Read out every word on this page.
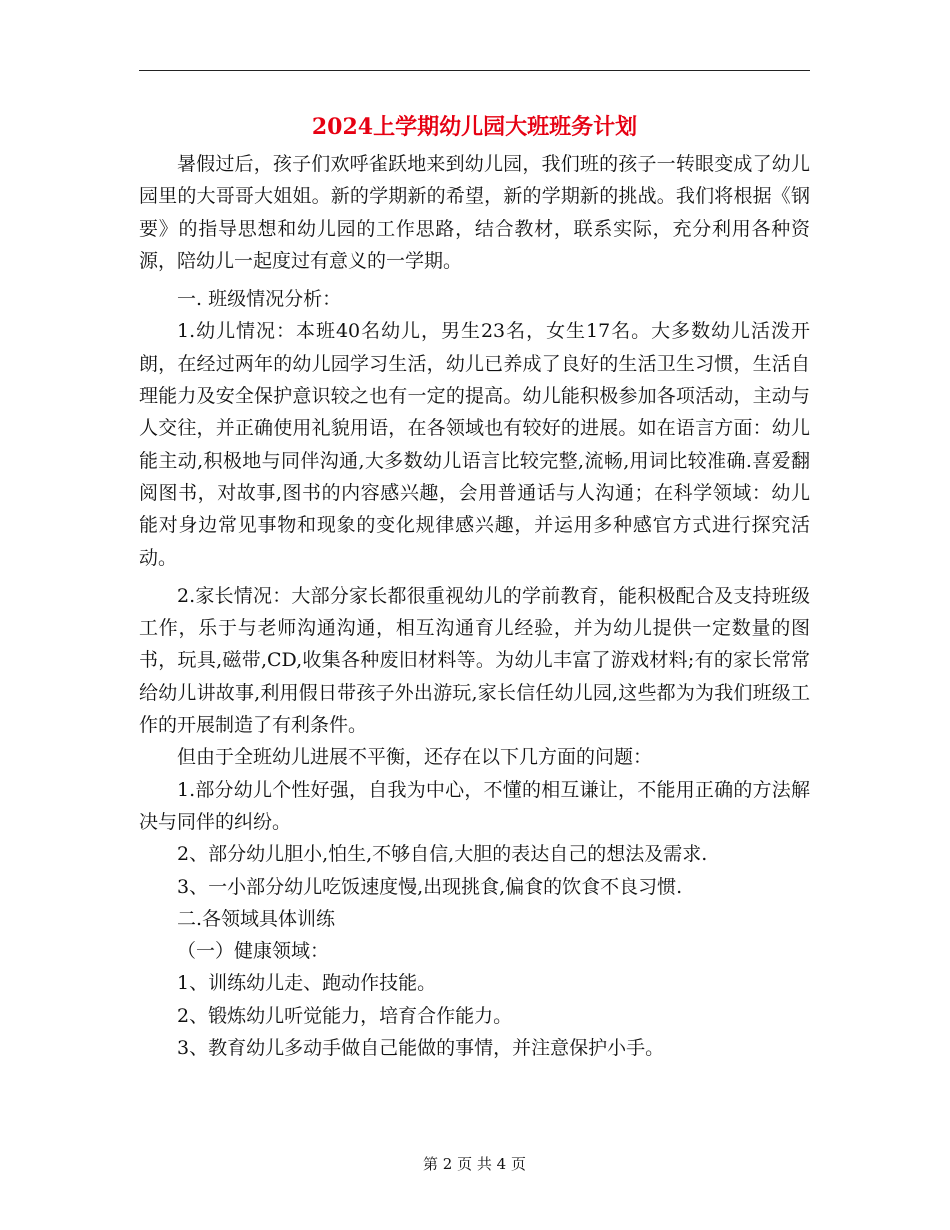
2024上学期幼儿园大班班务计划

暑假过后，孩子们欢呼雀跃地来到幼儿园，我们班的孩子一转眼变成了幼儿园里的大哥哥大姐姐。新的学期新的希望，新的学期新的挑战。我们将根据《钢要》的指导思想和幼儿园的工作思路，结合教材，联系实际，充分利用各种资源，陪幼儿一起度过有意义的一学期。

一. 班级情况分析：

1.幼儿情况：本班40名幼儿，男生23名，女生17名。大多数幼儿活泼开朗，在经过两年的幼儿园学习生活，幼儿已养成了良好的生活卫生习惯，生活自理能力及安全保护意识较之也有一定的提高。幼儿能积极参加各项活动，主动与人交往，并正确使用礼貌用语，在各领域也有较好的进展。如在语言方面：幼儿能主动,积极地与同伴沟通,大多数幼儿语言比较完整,流畅,用词比较准确.喜爱翻阅图书，对故事,图书的内容感兴趣，会用普通话与人沟通；在科学领域：幼儿能对身边常见事物和现象的变化规律感兴趣，并运用多种感官方式进行探究活动。

2.家长情况：大部分家长都很重视幼儿的学前教育，能积极配合及支持班级工作，乐于与老师沟通沟通，相互沟通育儿经验，并为幼儿提供一定数量的图书，玩具,磁带,CD,收集各种废旧材料等。为幼儿丰富了游戏材料;有的家长常常给幼儿讲故事,利用假日带孩子外出游玩,家长信任幼儿园,这些都为为我们班级工作的开展制造了有利条件。

但由于全班幼儿进展不平衡，还存在以下几方面的问题：

1.部分幼儿个性好强，自我为中心，不懂的相互谦让，不能用正确的方法解决与同伴的纠纷。

2、部分幼儿胆小,怕生,不够自信,大胆的表达自己的想法及需求.

3、一小部分幼儿吃饭速度慢,出现挑食,偏食的饮食不良习惯.

二.各领域具体训练

（一）健康领域：

1、训练幼儿走、跑动作技能。

2、锻炼幼儿听觉能力，培育合作能力。

3、教育幼儿多动手做自己能做的事情，并注意保护小手。

第 2 页 共 4 页
